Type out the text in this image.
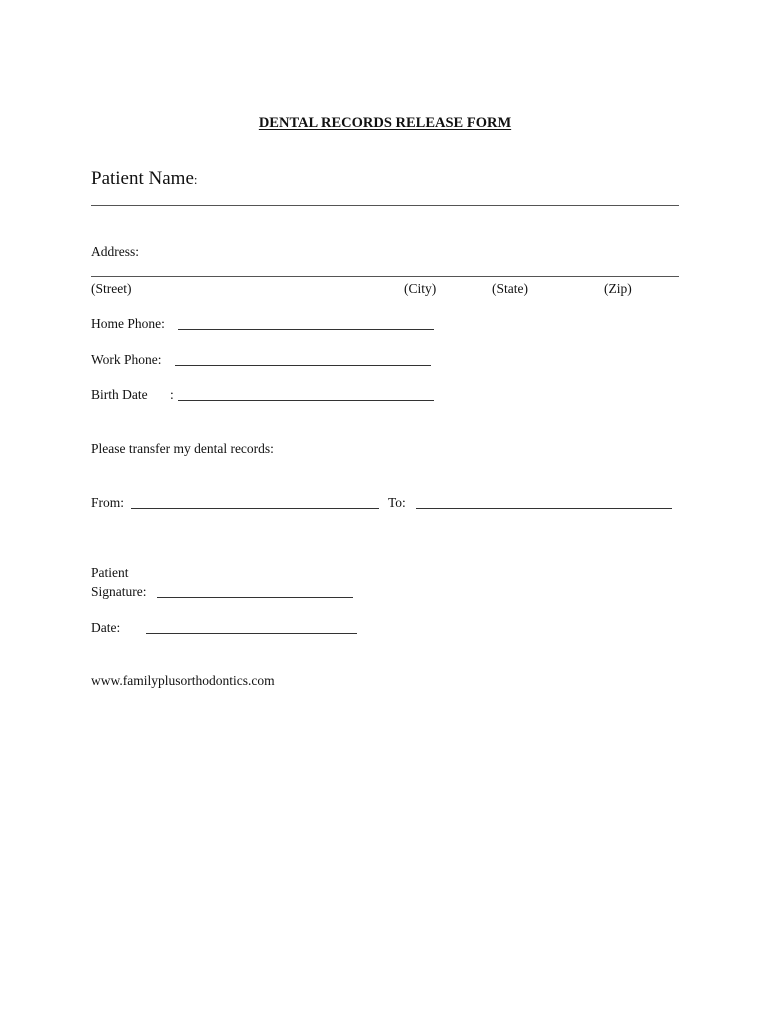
DENTAL RECORDS RELEASE FORM
Patient Name:
Address:
(Street)	(City)	(State)	(Zip)
Home Phone:
Work Phone:
Birth Date :
Please transfer my dental records:
From:	To:
Patient
Signature:
Date:
www.familyplusorthodontics.com
